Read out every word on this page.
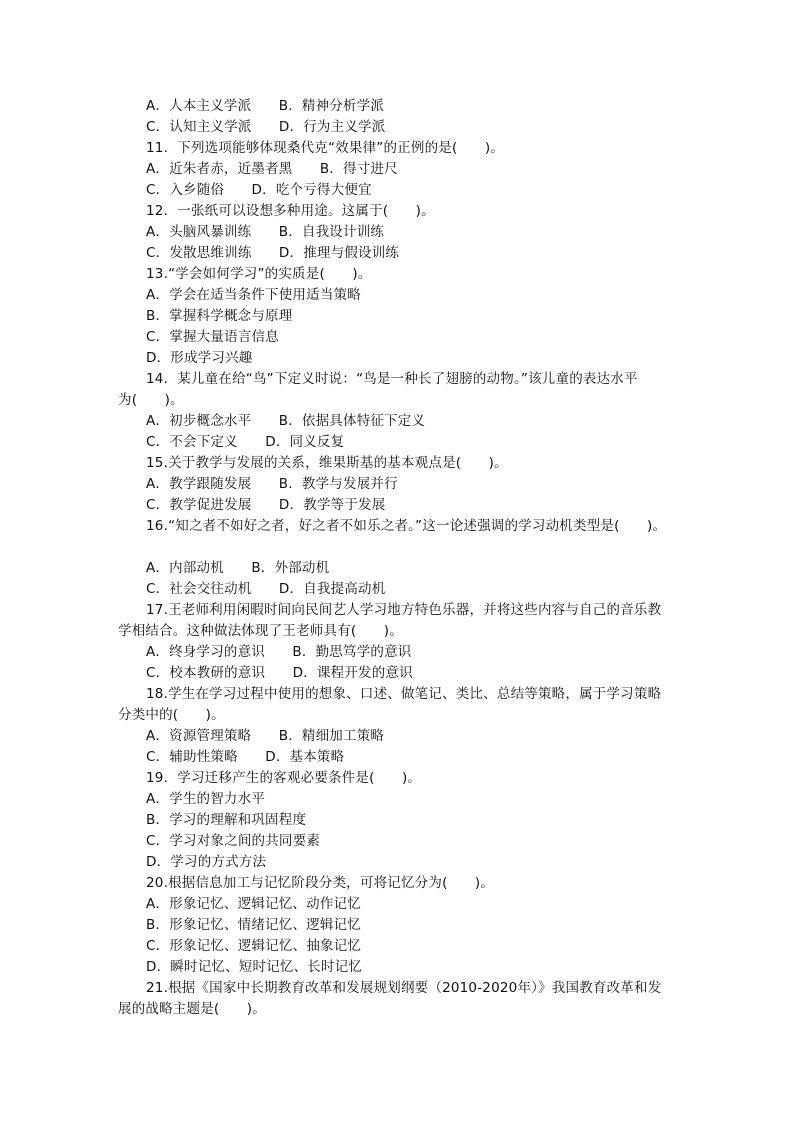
A．人本主义学派　　B．精神分析学派
C．认知主义学派　　D．行为主义学派
11．下列选项能够体现桑代克“效果律”的正例的是(　　)。
A．近朱者赤，近墨者黑　　B．得寸进尺
C．入乡随俗　　D．吃个亏得大便宜
12．一张纸可以设想多种用途。这属于(　　)。
A．头脑风暴训练　　B．自我设计训练
C．发散思维训练　　D．推理与假设训练
13.“学会如何学习”的实质是(　　)。
A．学会在适当条件下使用适当策略
B．掌握科学概念与原理
C．掌握大量语言信息
D．形成学习兴趣
14．某儿童在给“鸟”下定义时说：“鸟是一种长了翅膀的动物。”该儿童的表达水平
为(　　)。
A．初步概念水平　　B．依据具体特征下定义
C．不会下定义　　D．同义反复
15.关于教学与发展的关系，维果斯基的基本观点是(　　)。
A．教学跟随发展　　B．教学与发展并行
C．教学促进发展　　D．教学等于发展
16.“知之者不如好之者，好之者不如乐之者。”这一论述强调的学习动机类型是(　　)。
A．内部动机　　B．外部动机
C．社会交往动机　　D．自我提高动机
17.王老师利用闲暇时间向民间艺人学习地方特色乐器，并将这些内容与自己的音乐教
学相结合。这种做法体现了王老师具有(　　)。
A．终身学习的意识　　B．勤思笃学的意识
C．校本教研的意识　　D．课程开发的意识
18.学生在学习过程中使用的想象、口述、做笔记、类比、总结等策略，属于学习策略
分类中的(　　)。
A．资源管理策略　　B．精细加工策略
C．辅助性策略　　D．基本策略
19．学习迁移产生的客观必要条件是(　　)。
A．学生的智力水平
B．学习的理解和巩固程度
C．学习对象之间的共同要素
D．学习的方式方法
20.根据信息加工与记忆阶段分类，可将记忆分为(　　)。
A．形象记忆、逻辑记忆、动作记忆
B．形象记忆、情绪记忆、逻辑记忆
C．形象记忆、逻辑记忆、抽象记忆
D．瞬时记忆、短时记忆、长时记忆
21.根据《国家中长期教育改革和发展规划纲要（2010-2020年）》我国教育改革和发
展的战略主题是(　　)。
